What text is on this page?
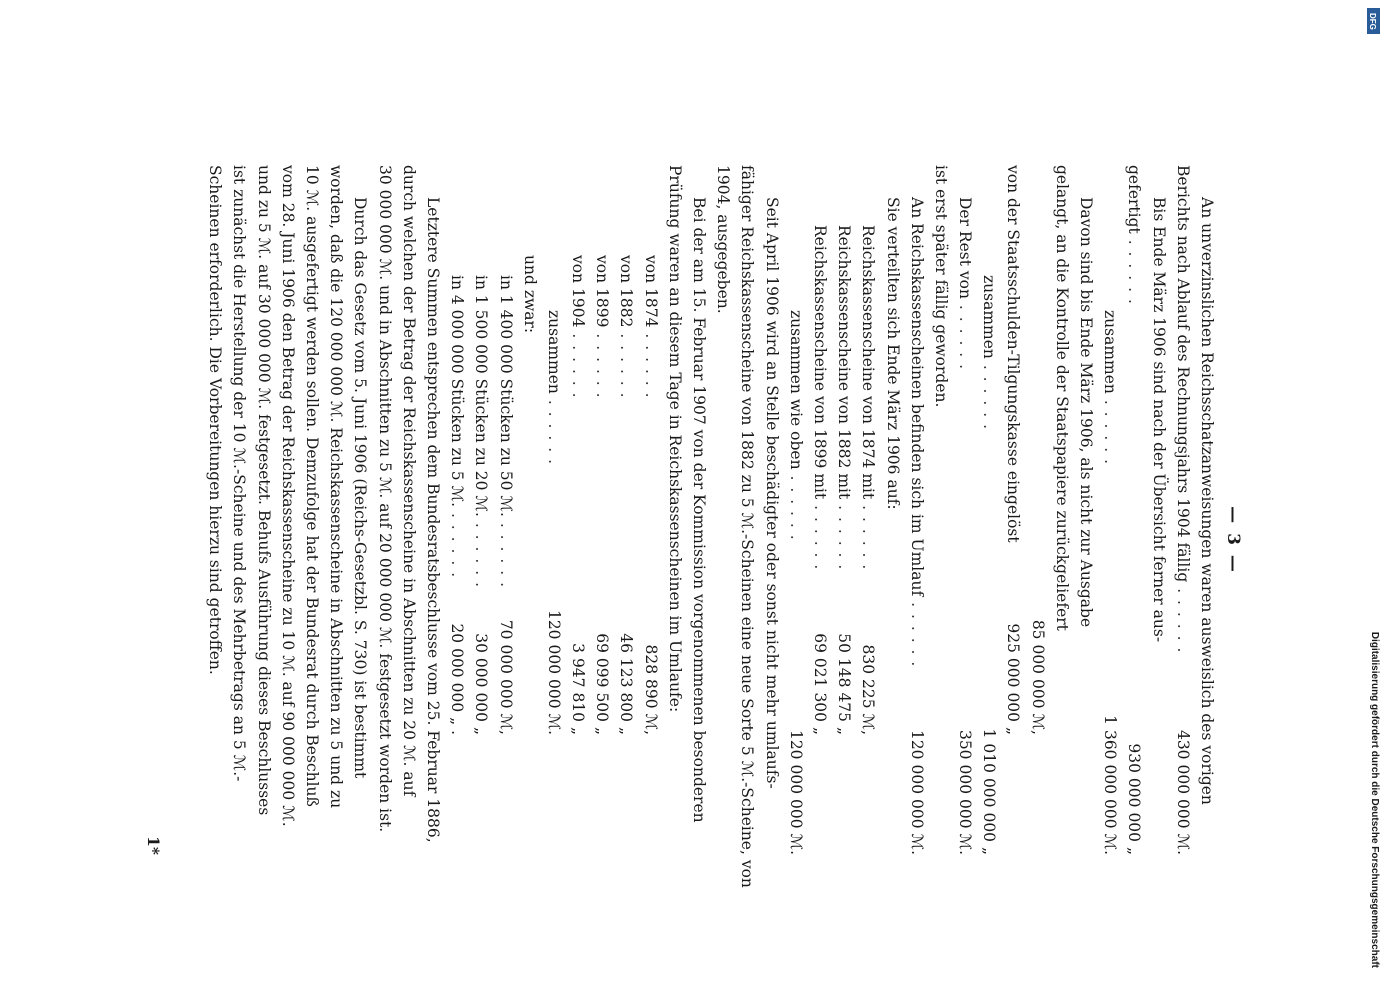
— 3 —
An unverzinslichen Reichsschatzanweisungen waren ausweislich des vorigen
Berichts nach Ablauf des Rechnungsjahrs 1904 fällig . . . . . .
430 000 000 ℳ.
Bis Ende März 1906 sind nach der Übersicht ferner aus-
gefertigt . . . . . .
930 000 000 „
zusammen . . . . . .
1 360 000 000 ℳ.
Davon sind bis Ende März 1906, als nicht zur Ausgabe
gelangt, an die Kontrolle der Staatspapiere zurückgeliefert
85 000 000 ℳ,
von der Staatsschulden-Tilgungskasse eingelöst
925 000 000 „
zusammen . . . . . .
1 010 000 000 „
Der Rest von . . . . . .
350 000 000 ℳ.
ist erst später fällig geworden.
An Reichskassenscheinen befinden sich im Umlauf . . . . . .
120 000 000 ℳ.
Sie verteilten sich Ende März 1906 auf:
Reichskassenscheine von 1874 mit . . . . . .
830 225 ℳ,
Reichskassenscheine von 1882 mit . . . . . .
50 148 475 „
Reichskassenscheine von 1899 mit . . . . . .
69 021 300 „
zusammen wie oben . . . . . .
120 000 000 ℳ.
Seit April 1906 wird an Stelle beschädigter oder sonst nicht mehr umlaufs-
fähiger Reichskassenscheine von 1882 zu 5 ℳ.-Scheinen eine neue Sorte 5 ℳ.-Scheine, von
1904, ausgegeben.
Bei der am 15. Februar 1907 von der Kommission vorgenommenen besonderen
Prüfung waren an diesem Tage in Reichskassenscheinen im Umlaufe:
von 1874 . . . . . .
828 890 ℳ,
von 1882 . . . . . .
46 123 800 „
von 1899 . . . . . .
69 099 500 „
von 1904 . . . . . .
3 947 810 „
zusammen . . . . . .
120 000 000 ℳ.
und zwar:
in 1 400 000 Stücken zu 50 ℳ. . . . . . .
70 000 000 ℳ,
in 1 500 000 Stücken zu 20 ℳ. . . . . . .
30 000 000 „
in 4 000 000 Stücken zu 5 ℳ. . . . . . .
20 000 000 „ .
Letztere Summen entsprechen dem Bundesratsbeschlusse vom 25. Februar 1886,
durch welchen der Betrag der Reichskassenscheine in Abschnitten zu 20 ℳ. auf
30 000 000 ℳ. und in Abschnitten zu 5 ℳ. auf 20 000 000 ℳ. festgesetzt worden ist.
Durch das Gesetz vom 5. Juni 1906 (Reichs-Gesetzbl. S. 730) ist bestimmt
worden, daß die 120 000 000 ℳ. Reichskassenscheine in Abschnitten zu 5 und zu
10 ℳ. ausgefertigt werden sollen. Demzufolge hat der Bundesrat durch Beschluß
vom 28. Juni 1906 den Betrag der Reichskassenscheine zu 10 ℳ. auf 90 000 000 ℳ.
und zu 5 ℳ. auf 30 000 000 ℳ. festgesetzt. Behufs Ausführung dieses Beschlusses
ist zunächst die Herstellung der 10 ℳ.-Scheine und des Mehrbetrags an 5 ℳ.-
Scheinen erforderlich. Die Vorbereitungen hierzu sind getroffen.
1*	Digitalisierung gefördert durch die Deutsche Forschungsgemeinschaft
DFG
